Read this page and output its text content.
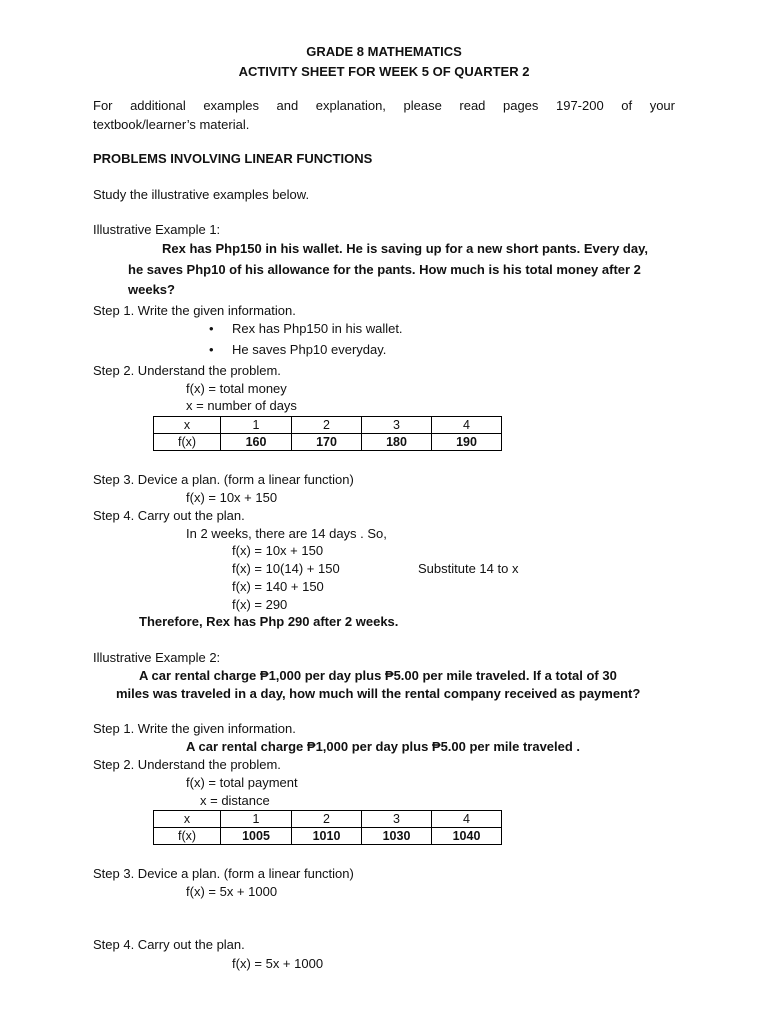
GRADE 8 MATHEMATICS
ACTIVITY SHEET FOR WEEK 5 OF QUARTER 2
For additional examples and explanation, please read pages 197-200 of your
textbook/learner’s material.
PROBLEMS INVOLVING LINEAR FUNCTIONS
Study the illustrative examples below.
Illustrative Example 1:
Rex has Php150 in his wallet. He is saving up for a new short pants. Every day,
he saves Php10 of his allowance for the pants. How much is his total money after 2
weeks?
Step 1. Write the given information.
• Rex has Php150 in his wallet.
• He saves Php10 everyday.
Step 2. Understand the problem.
f(x) = total money
x = number of days
x	1	2	3	4
f(x)	160	170	180	190
Step 3. Device a plan. (form a linear function)
f(x) = 10x + 150
Step 4. Carry out the plan.
In 2 weeks, there are 14 days . So,
f(x) = 10x + 150
f(x) = 10(14) + 150	Substitute 14 to x
f(x) = 140 + 150
f(x) = 290
Therefore, Rex has Php 290 after 2 weeks.
Illustrative Example 2:
A car rental charge ₱1,000 per day plus ₱5.00 per mile traveled. If a total of 30
miles was traveled in a day, how much will the rental company received as payment?
Step 1. Write the given information.
A car rental charge ₱1,000 per day plus ₱5.00 per mile traveled .
Step 2. Understand the problem.
f(x) = total payment
x = distance
x	1	2	3	4
f(x)	1005	1010	1030	1040
Step 3. Device a plan. (form a linear function)
f(x) = 5x + 1000
Step 4. Carry out the plan.
f(x) = 5x + 1000
